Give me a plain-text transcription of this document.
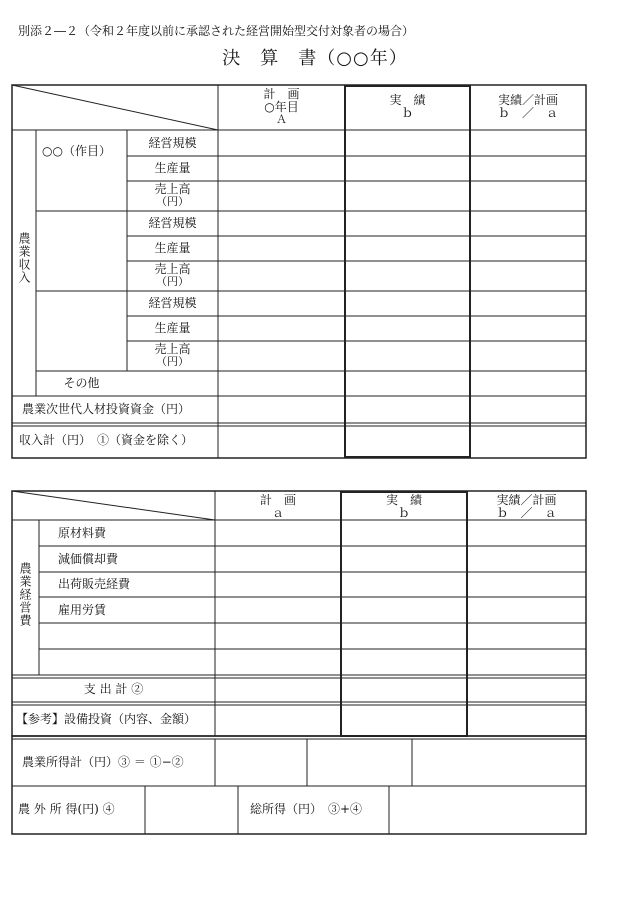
別添２―２（令和２年度以前に承認された経営開始型交付対象者の場合）
決　算　書（○○年）
計　画
○年目
Ａ
実　績
ｂ
実績／計画
ｂ　／　ａ
農業収入
○○（作目）
経営規模
生産量
売上高
（円）
経営規模
生産量
売上高
（円）
経営規模
生産量
売上高
（円）
その他
農業次世代人材投資資金（円）
収入計（円）　①（資金を除く）
計　画
ａ
実　績
ｂ
実績／計画
ｂ　／　ａ
農業経営費
原材料費
減価償却費
出荷販売経費
雇用労賃
支 出 計 ②
【参考】設備投資（内容、金額）
農業所得計（円）③ ＝ ①−②
農 外 所 得(円) ④	総所得（円）　③+④
